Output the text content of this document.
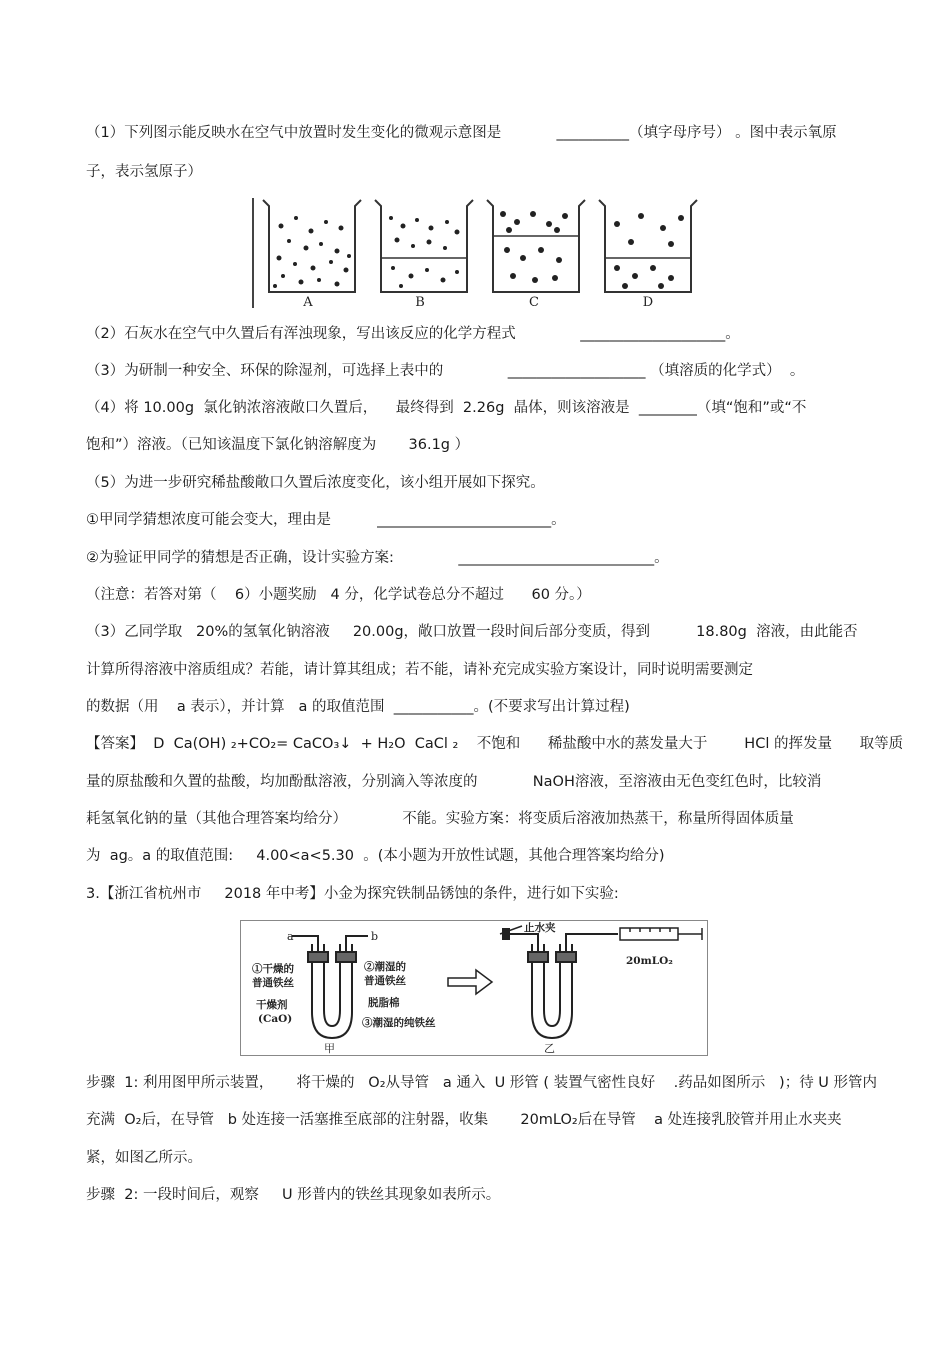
（1）下列图示能反映水在空气中放置时发生变化的微观示意图是            __________（填字母序号） 。图中表示氧原
子，表示氢原子）
A	B	C	D
（2）石灰水在空气中久置后有浑浊现象，写出该反应的化学方程式              ____________________。
（3）为研制一种安全、环保的除湿剂，可选择上表中的              ___________________ （填溶质的化学式）  。
（4）将 10.00g  氯化钠浓溶液敞口久置后，    最终得到  2.26g  晶体，则该溶液是  ________（填“饱和”或“不
饱和”）溶液。（已知该温度下氯化钠溶解度为       36.1g ）
（5）为进一步研究稀盐酸敞口久置后浓度变化，该小组开展如下探究。
①甲同学猜想浓度可能会变大，理由是          ________________________。
②为验证甲同学的猜想是否正确，设计实验方案:              ___________________________。
（注意：若答对第（    6）小题奖励   4 分，化学试卷总分不超过      60 分。）
（3）乙同学取   20%的氢氧化钠溶液     20.00g，敞口放置一段时间后部分变质，得到          18.80g  溶液，由此能否
计算所得溶液中溶质组成？若能，请计算其组成；若不能，请补充完成实验方案设计，同时说明需要测定
的数据（用    a 表示），并计算   a 的取值范围  ___________。(不要求写出计算过程)
【答案】  D  Ca(OH) ₂+CO₂= CaCO₃↓  + H₂O  CaCl ₂    不饱和      稀盐酸中水的蒸发量大于        HCl 的挥发量      取等质
量的原盐酸和久置的盐酸，均加酚酞溶液，分别滴入等浓度的            NaOH溶液，至溶液由无色变红色时，比较消
耗氢氧化钠的量（其他合理答案均给分）            不能。实验方案：将变质后溶液加热蒸干，称量所得固体质量
为  ag。a 的取值范围:     4.00<a<5.30  。(本小题为开放性试题，其他合理答案均给分)
3.【浙江省杭州市     2018 年中考】小金为探究铁制品锈蚀的条件，进行如下实验:
a	b
①干燥的
普通铁丝
干燥剂
(CaO)
②潮湿的
普通铁丝
脱脂棉
③潮湿的纯铁丝
甲
止水夹
20mLO₂
乙
步骤  1: 利用图甲所示装置，     将干燥的   O₂从导管   a 通入  U 形管 ( 装置气密性良好    .药品如图所示   )；待 U 形管内
充满  O₂后，在导管   b 处连接一活塞推至底部的注射器，收集       20mLO₂后在导管    a 处连接乳胶管并用止水夹夹
紧，如图乙所示。
步骤  2: 一段时间后，观察     U 形普内的铁丝其现象如表所示。
